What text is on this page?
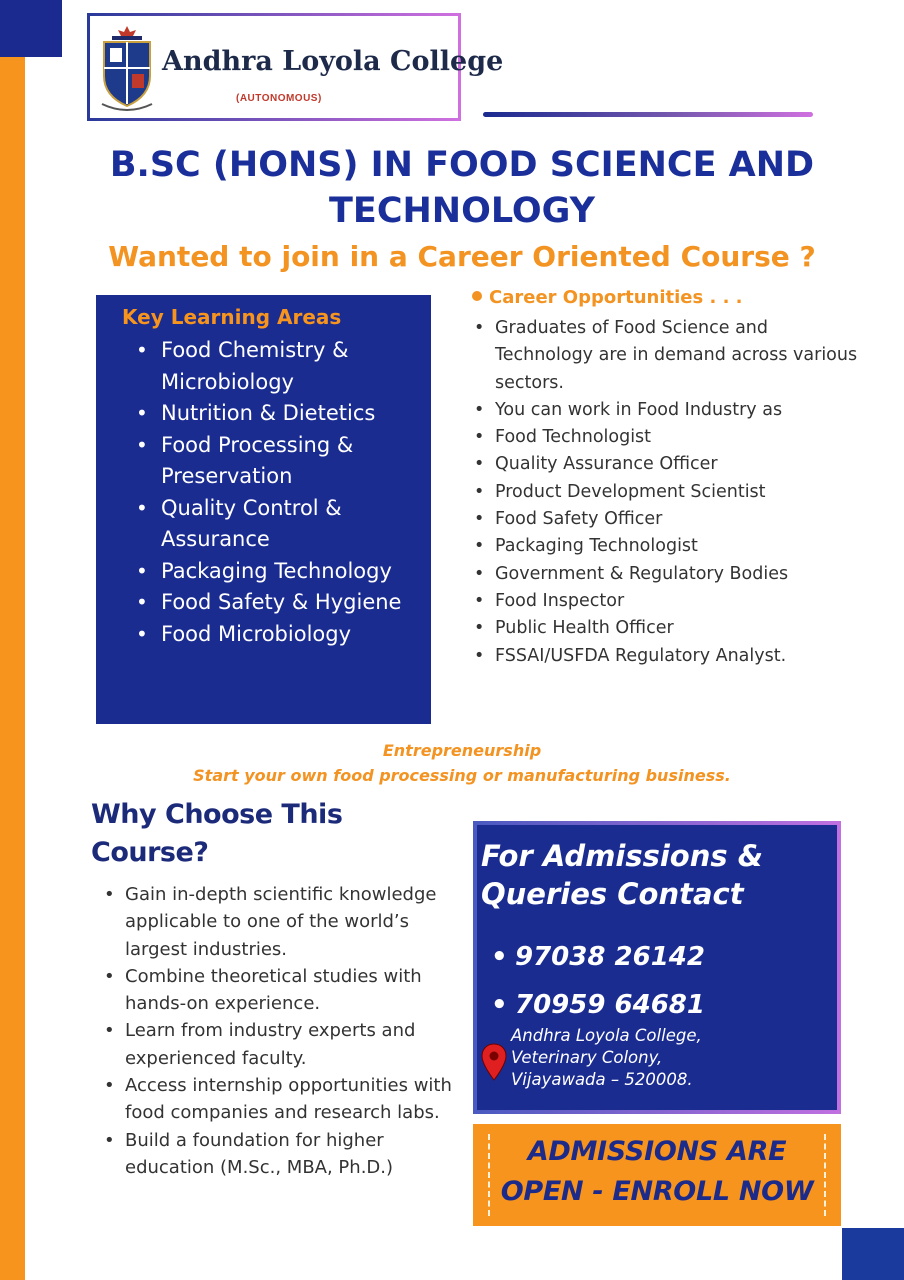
Andhra Loyola College
(AUTONOMOUS)
B.SC (HONS) IN FOOD SCIENCE AND
TECHNOLOGY
Wanted to join in a Career Oriented Course ?
Key Learning Areas
• Food Chemistry & Microbiology
• Nutrition & Dietetics
• Food Processing & Preservation
• Quality Control & Assurance
• Packaging Technology
• Food Safety & Hygiene
• Food Microbiology
Career Opportunities . . .
• Graduates of Food Science and Technology are in demand across various sectors.
• You can work in Food Industry as
• Food Technologist
• Quality Assurance Officer
• Product Development Scientist
• Food Safety Officer
• Packaging Technologist
• Government & Regulatory Bodies
• Food Inspector
• Public Health Officer
• FSSAI/USFDA Regulatory Analyst.
Entrepreneurship
Start your own food processing or manufacturing business.
Why Choose This Course?
• Gain in-depth scientific knowledge applicable to one of the world’s largest industries.
• Combine theoretical studies with hands-on experience.
• Learn from industry experts and experienced faculty.
• Access internship opportunities with food companies and research labs.
• Build a foundation for higher education (M.Sc., MBA, Ph.D.)
For Admissions & Queries Contact
• 97038 26142
• 70959 64681
Andhra Loyola College,
Veterinary Colony,
Vijayawada – 520008.
ADMISSIONS ARE
OPEN - ENROLL NOW
